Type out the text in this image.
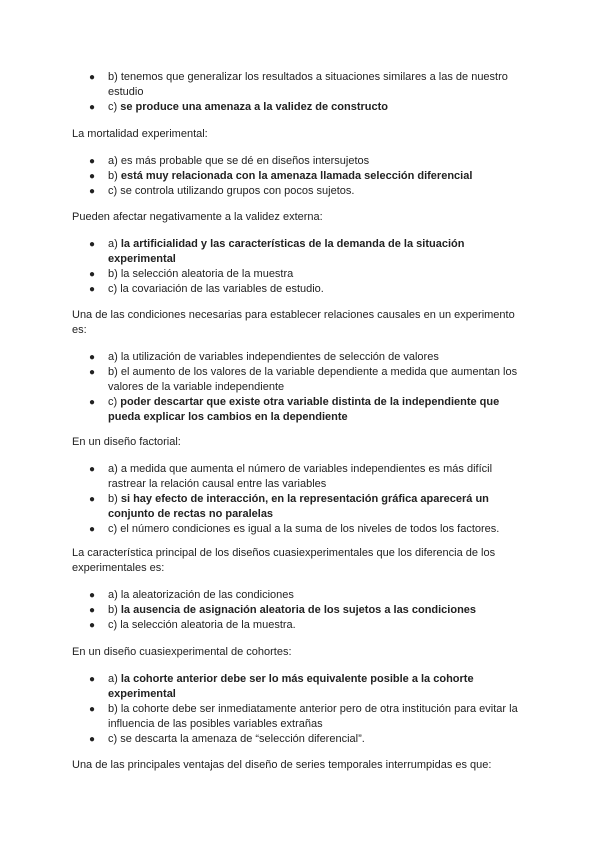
● b) tenemos que generalizar los resultados a situaciones similares a las de nuestro estudio
● c) se produce una amenaza a la validez de constructo

La mortalidad experimental:

● a) es más probable que se dé en diseños intersujetos
● b) está muy relacionada con la amenaza llamada selección diferencial
● c) se controla utilizando grupos con pocos sujetos.

Pueden afectar negativamente a la validez externa:

● a) la artificialidad y las características de la demanda de la situación experimental
● b) la selección aleatoria de la muestra
● c) la covariación de las variables de estudio.

Una de las condiciones necesarias para establecer relaciones causales en un experimento es:

● a) la utilización de variables independientes de selección de valores
● b) el aumento de los valores de la variable dependiente a medida que aumentan los valores de la variable independiente
● c) poder descartar que existe otra variable distinta de la independiente que pueda explicar los cambios en la dependiente

En un diseño factorial:

● a) a medida que aumenta el número de variables independientes es más difícil rastrear la relación causal entre las variables
● b) si hay efecto de interacción, en la representación gráfica aparecerá un conjunto de rectas no paralelas
● c) el número condiciones es igual a la suma de los niveles de todos los factores.

La característica principal de los diseños cuasiexperimentales que los diferencia de los experimentales es:

● a) la aleatorización de las condiciones
● b) la ausencia de asignación aleatoria de los sujetos a las condiciones
● c) la selección aleatoria de la muestra.

En un diseño cuasiexperimental de cohortes:

● a) la cohorte anterior debe ser lo más equivalente posible a la cohorte experimental
● b) la cohorte debe ser inmediatamente anterior pero de otra institución para evitar la influencia de las posibles variables extrañas
● c) se descarta la amenaza de “selección diferencial”.

Una de las principales ventajas del diseño de series temporales interrumpidas es que:
